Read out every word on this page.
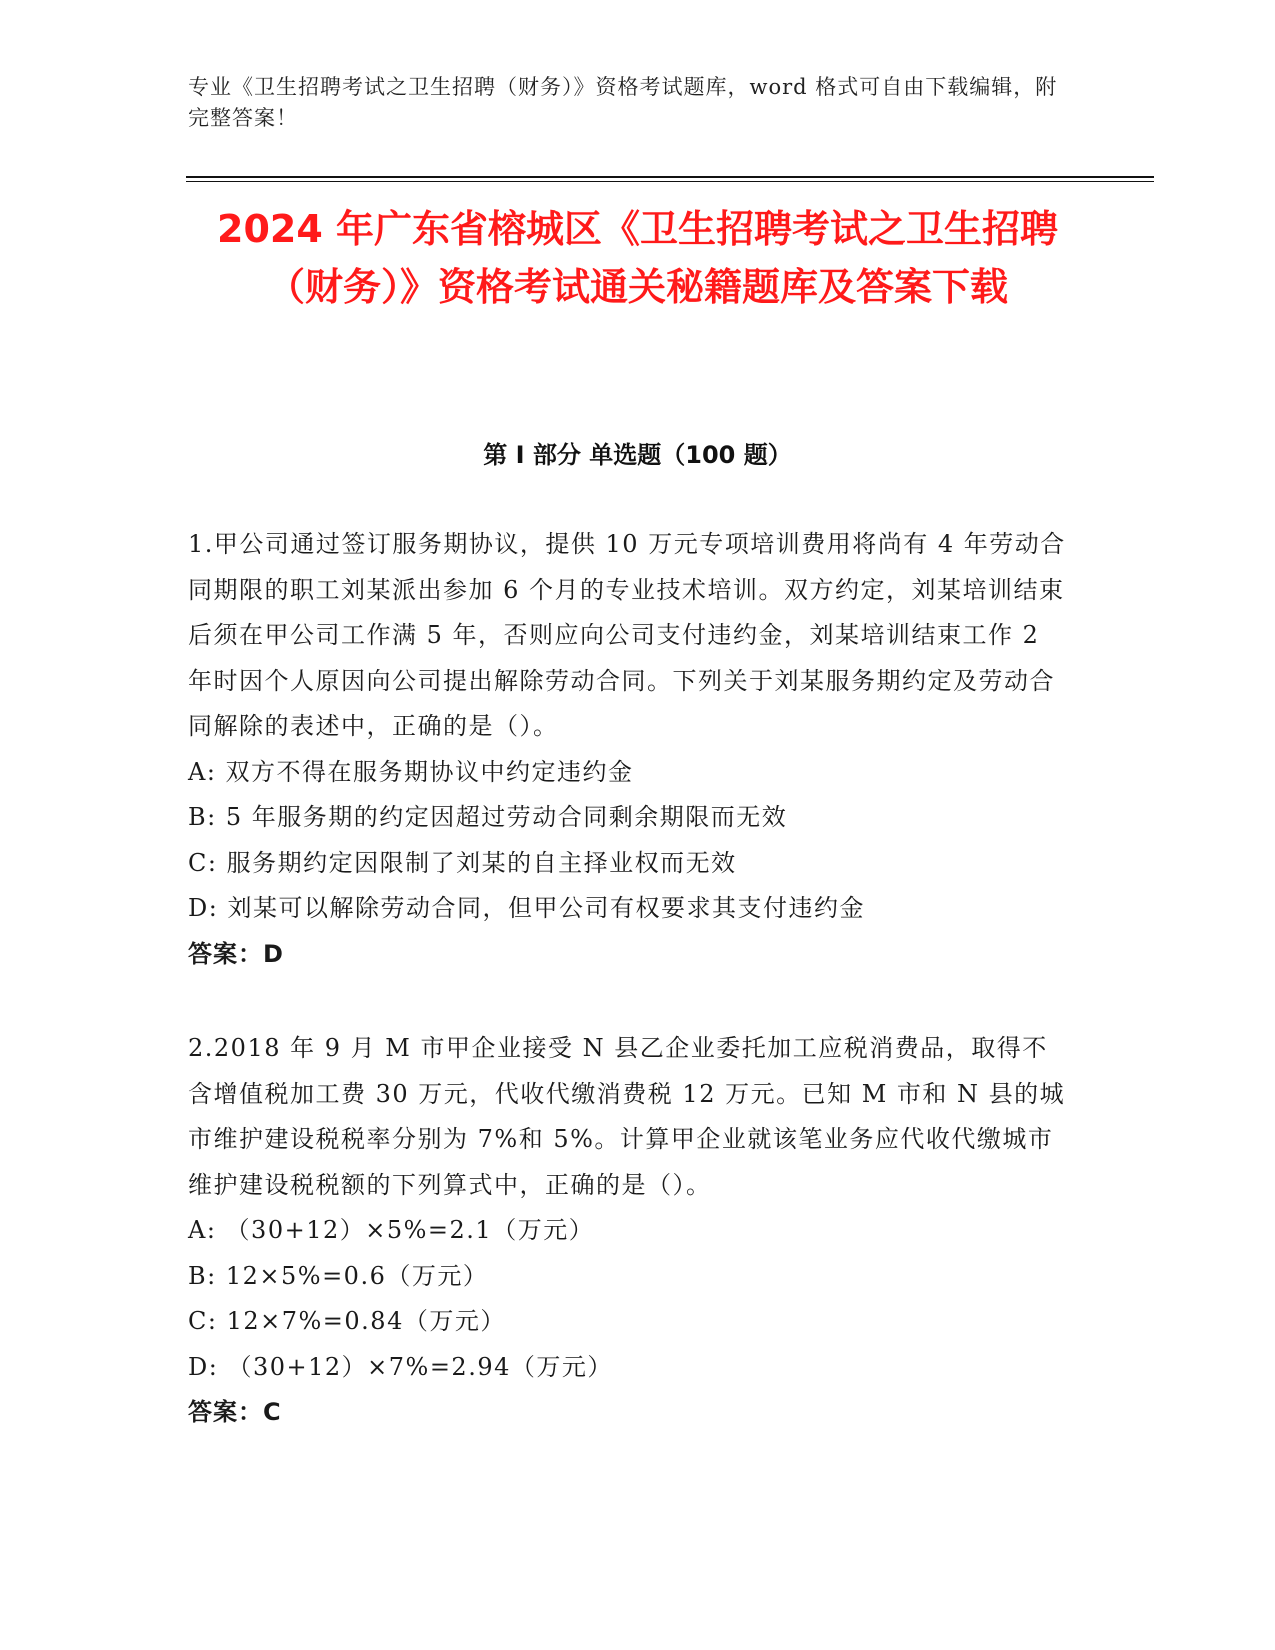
专业《卫生招聘考试之卫生招聘（财务）》资格考试题库，word 格式可自由下载编辑，附完整答案！
2024 年广东省榕城区《卫生招聘考试之卫生招聘（财务）》资格考试通关秘籍题库及答案下载
第 I 部分 单选题（100 题）

1.甲公司通过签订服务期协议，提供 10 万元专项培训费用将尚有 4 年劳动合同期限的职工刘某派出参加 6 个月的专业技术培训。双方约定，刘某培训结束后须在甲公司工作满 5 年，否则应向公司支付违约金，刘某培训结束工作 2 年时因个人原因向公司提出解除劳动合同。下列关于刘某服务期约定及劳动合同解除的表述中，正确的是（）。

A: 双方不得在服务期协议中约定违约金

B: 5 年服务期的约定因超过劳动合同剩余期限而无效

C: 服务期约定因限制了刘某的自主择业权而无效

D: 刘某可以解除劳动合同，但甲公司有权要求其支付违约金

答案：D

2.2018 年 9 月 M 市甲企业接受 N 县乙企业委托加工应税消费品，取得不含增值税加工费 30 万元，代收代缴消费税 12 万元。已知 M 市和 N 县的城市维护建设税税率分别为 7%和 5%。计算甲企业就该笔业务应代收代缴城市维护建设税税额的下列算式中，正确的是（）。

A: （30+12）×5%=2.1（万元）

B: 12×5%=0.6（万元）

C: 12×7%=0.84（万元）

D: （30+12）×7%=2.94（万元）

答案：C
